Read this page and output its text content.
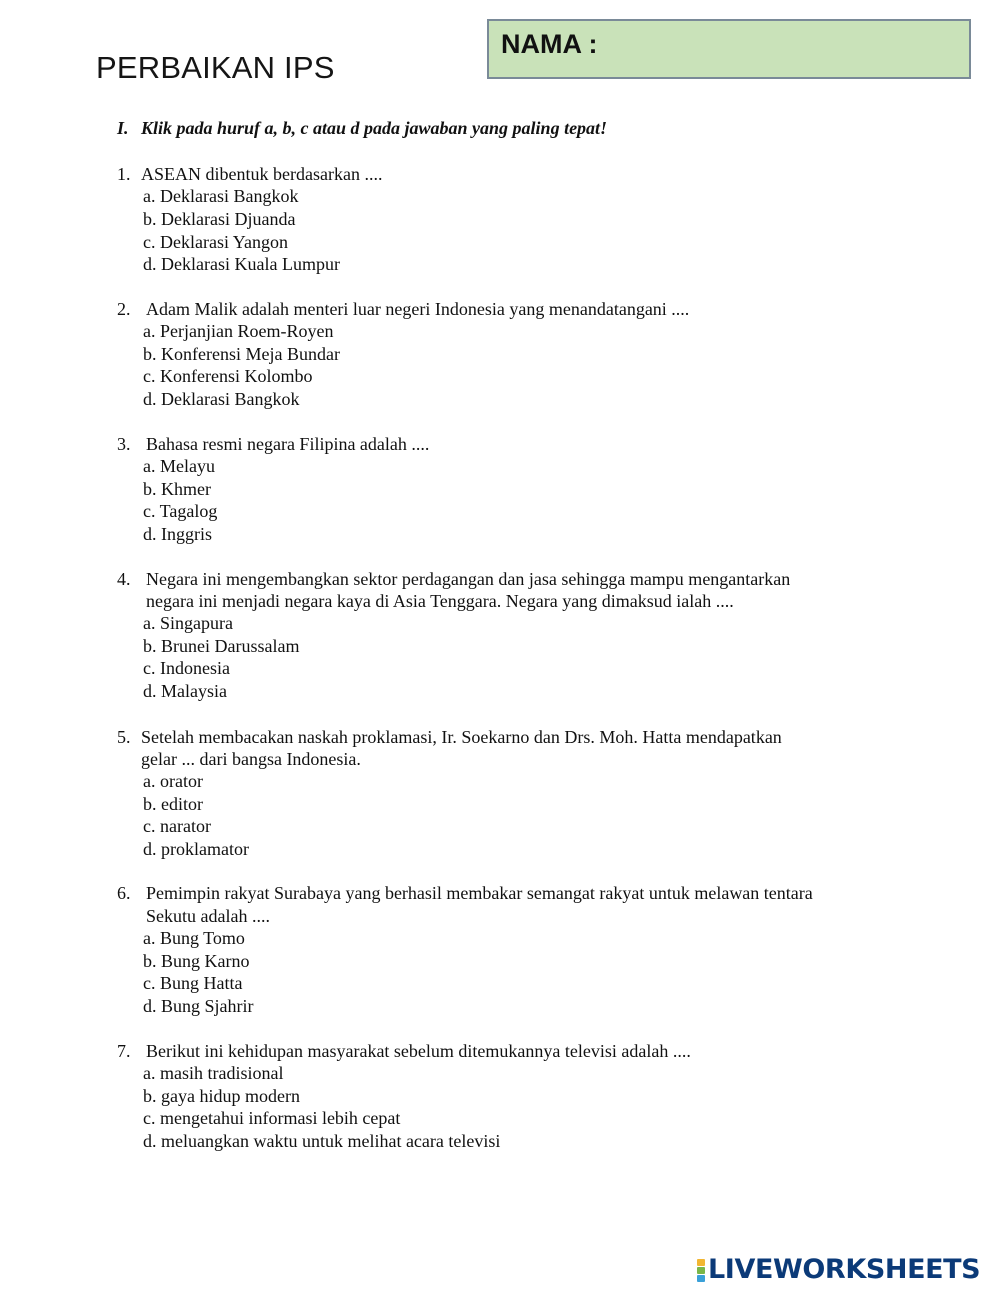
PERBAIKAN IPS
NAMA :
I. Klik pada huruf a, b, c atau d pada jawaban yang paling tepat!
1. ASEAN dibentuk berdasarkan ....
a. Deklarasi Bangkok
b. Deklarasi Djuanda
c. Deklarasi Yangon
d. Deklarasi Kuala Lumpur
2. Adam Malik adalah menteri luar negeri Indonesia yang menandatangani ....
a. Perjanjian Roem-Royen
b. Konferensi Meja Bundar
c. Konferensi Kolombo
d. Deklarasi Bangkok
3. Bahasa resmi negara Filipina adalah ....
a. Melayu
b. Khmer
c. Tagalog
d. Inggris
4. Negara ini mengembangkan sektor perdagangan dan jasa sehingga mampu mengantarkan
negara ini menjadi negara kaya di Asia Tenggara. Negara yang dimaksud ialah ....
a. Singapura
b. Brunei Darussalam
c. Indonesia
d. Malaysia
5. Setelah membacakan naskah proklamasi, Ir. Soekarno dan Drs. Moh. Hatta mendapatkan
gelar ... dari bangsa Indonesia.
a. orator
b. editor
c. narator
d. proklamator
6. Pemimpin rakyat Surabaya yang berhasil membakar semangat rakyat untuk melawan tentara
Sekutu adalah ....
a. Bung Tomo
b. Bung Karno
c. Bung Hatta
d. Bung Sjahrir
7. Berikut ini kehidupan masyarakat sebelum ditemukannya televisi adalah ....
a. masih tradisional
b. gaya hidup modern
c. mengetahui informasi lebih cepat
d. meluangkan waktu untuk melihat acara televisi
LIVEWORKSHEETS
